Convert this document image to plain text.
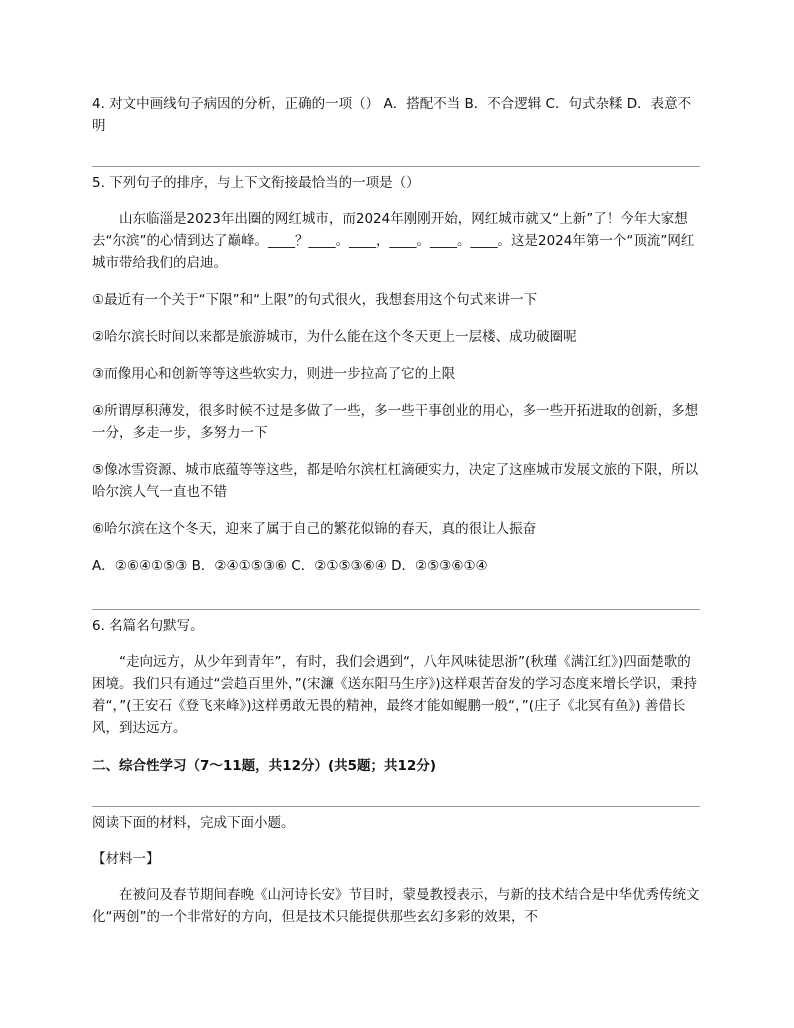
4. 对文中画线句子病因的分析，正确的一项（） A．搭配不当 B．不合逻辑 C．句式杂糅 D．表意不明
5. 下列句子的排序，与上下文衔接最恰当的一项是（）
山东临淄是2023年出圈的网红城市，而2024年刚刚开始，网红城市就又“上新”了！今年大家想去“尔滨”的心情到达了巅峰。____？____。____，____。____。____。这是2024年第一个“顶流”网红城市带给我们的启迪。

①最近有一个关于“下限”和“上限”的句式很火，我想套用这个句式来讲一下

②哈尔滨长时间以来都是旅游城市，为什么能在这个冬天更上一层楼、成功破圈呢

③而像用心和创新等等这些软实力，则进一步拉高了它的上限

④所谓厚积薄发，很多时候不过是多做了一些，多一些干事创业的用心，多一些开拓进取的创新，多想一分，多走一步，多努力一下

⑤像冰雪资源、城市底蕴等等这些，都是哈尔滨杠杠滴硬实力，决定了这座城市发展文旅的下限，所以哈尔滨人气一直也不错

⑥哈尔滨在这个冬天，迎来了属于自己的繁花似锦的春天，真的很让人振奋

A．②⑥④①⑤③ B．②④①⑤③⑥ C．②①⑤③⑥④ D．②⑤③⑥①④

6. 名篇名句默写。
“走向远方，从少年到青年”，有时，我们会遇到“，八年风味徒思浙”(秋瑾《满江红》)四面楚歌的困境。我们只有通过“尝趋百里外，”(宋濂《送东阳马生序》)这样艰苦奋发的学习态度来增长学识，秉持着“，”(王安石《登飞来峰》)这样勇敢无畏的精神，最终才能如鲲鹏一般“，”(庄子《北冥有鱼》) 善借长风，到达远方。
二、综合性学习（7～11题，共12分）(共5题；共12分)
阅读下面的材料，完成下面小题。
【材料一】
在被问及春节期间春晚《山河诗长安》节目时，蒙曼教授表示，与新的技术结合是中华优秀传统文化“两创”的一个非常好的方向，但是技术只能提供那些玄幻多彩的效果，不
